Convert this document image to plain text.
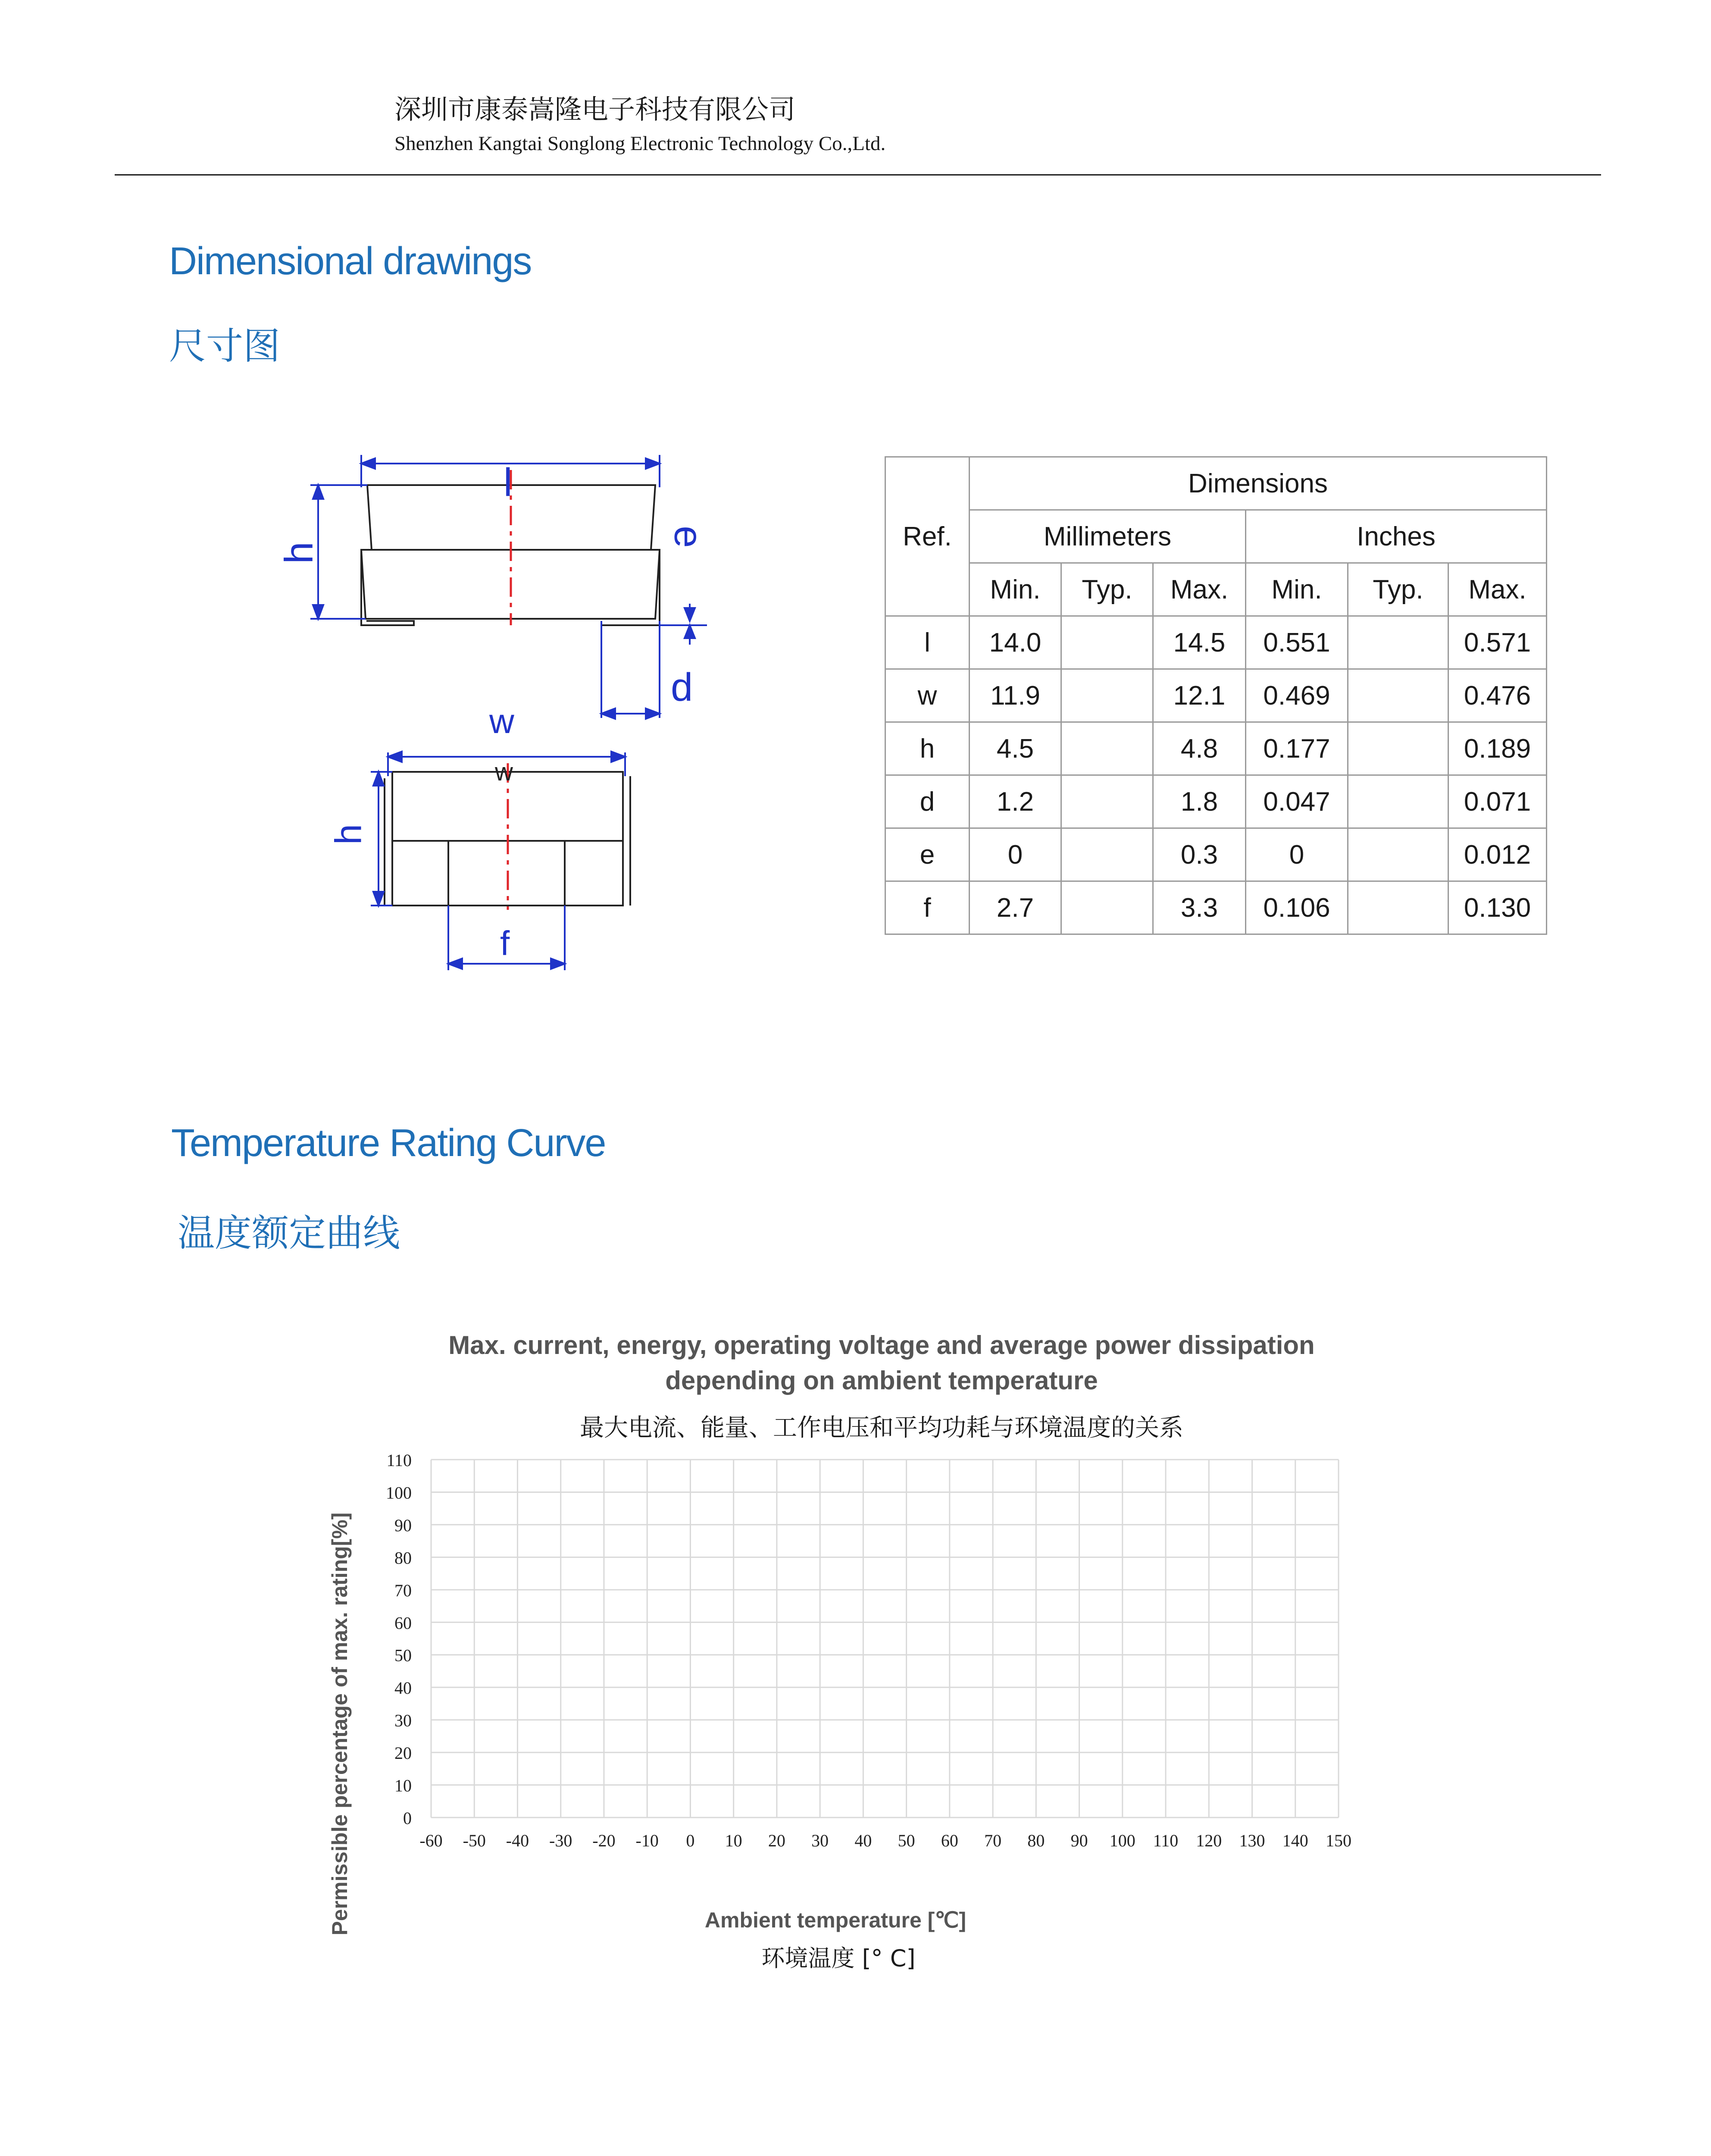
深圳市康泰嵩隆电子科技有限公司
Shenzhen Kangtai Songlong Electronic Technology Co.,Ltd.
Dimensional drawings
尺寸图
l
h
e
d
w
w
h
f
Ref.	Dimensions					
	Millimeters			Inches		
	Min.	Typ.	Max.	Min.	Typ.	Max.
l	14.0		14.5	0.551		0.571
w	11.9		12.1	0.469		0.476
h	4.5		4.8	0.177		0.189
d	1.2		1.8	0.047		0.071
e	0		0.3	0		0.012
f	2.7		3.3	0.106		0.130
Temperature Rating Curve
温度额定曲线
Max. current, energy, operating voltage and average power dissipation
depending on ambient temperature
最大电流、能量、工作电压和平均功耗与环境温度的关系
Permissible percentage of max. rating[%]	Ambient temperature [℃]
环境温度 [° C]
0
10
20
30
40
50
60
70
80
90
100
110
-60 -50 -40 -30 -20 -10 0 10 20 30 40 50 60 70 80 90 100 110 120 130 140 150
